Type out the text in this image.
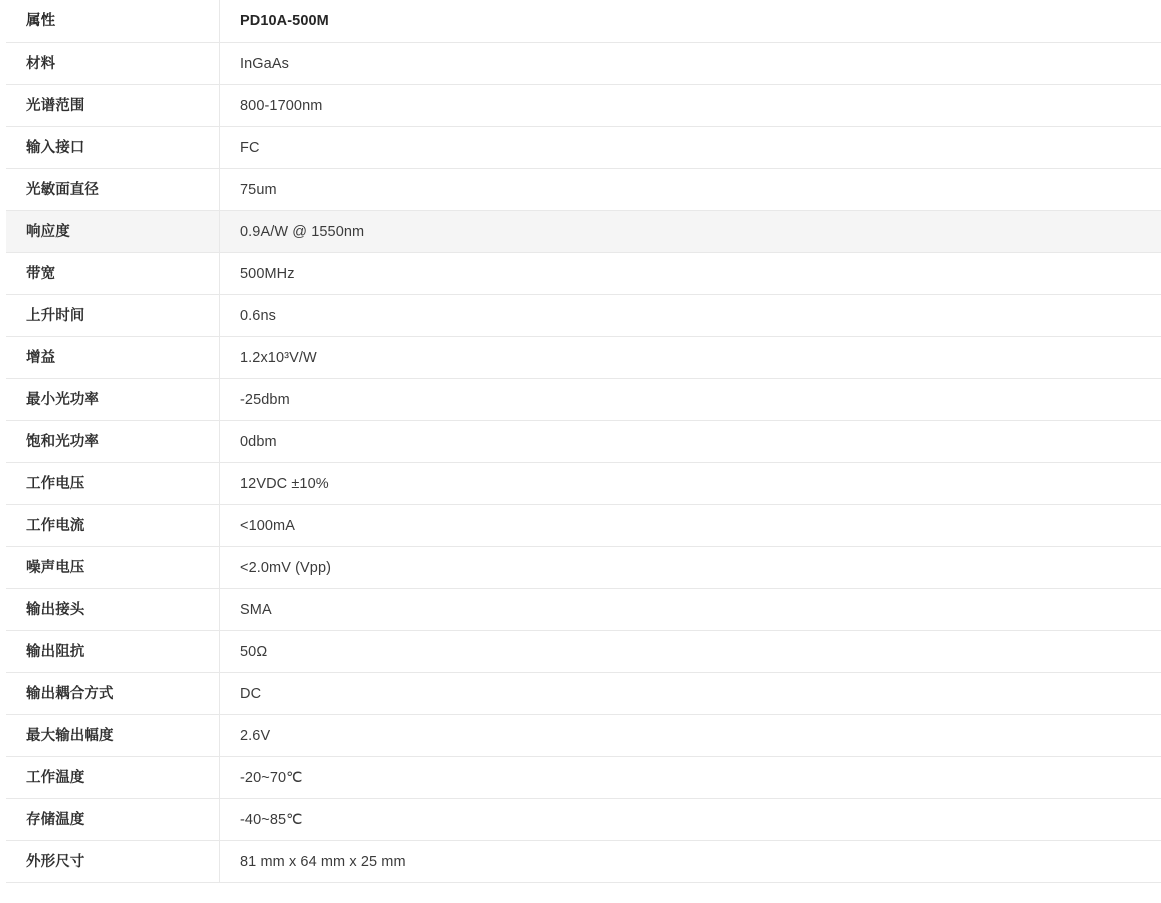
属性	PD10A-500M
材料	InGaAs
光谱范围	800-1700nm
输入接口	FC
光敏面直径	75um
响应度	0.9A/W @ 1550nm
带宽	500MHz
上升时间	0.6ns
增益	1.2x10³V/W
最小光功率	-25dbm
饱和光功率	0dbm
工作电压	12VDC ±10%
工作电流	<100mA
噪声电压	<2.0mV (Vpp)
输出接头	SMA
输出阻抗	50Ω
输出耦合方式	DC
最大输出幅度	2.6V
工作温度	-20~70℃
存储温度	-40~85℃
外形尺寸	81 mm x 64 mm x 25 mm
